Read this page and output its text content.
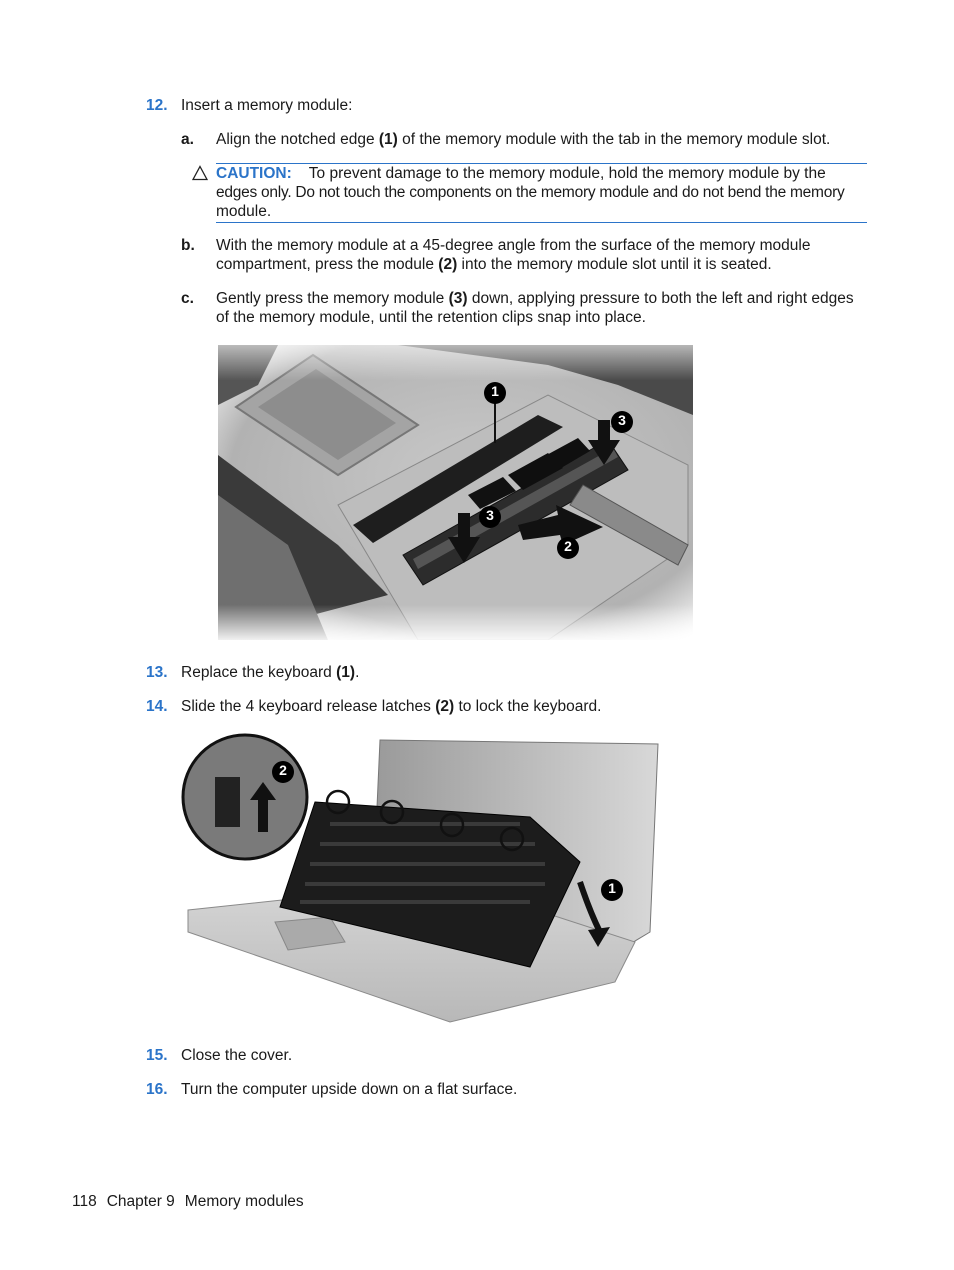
12. Insert a memory module:
a. Align the notched edge (1) of the memory module with the tab in the memory module slot.
CAUTION: To prevent damage to the memory module, hold the memory module by the
edges only. Do not touch the components on the memory module and do not bend the memory
module.
b. With the memory module at a 45-degree angle from the surface of the memory module
compartment, press the module (2) into the memory module slot until it is seated.
c. Gently press the memory module (3) down, applying pressure to both the left and right edges
of the memory module, until the retention clips snap into place.
1
3
3
2
13. Replace the keyboard (1).
14. Slide the 4 keyboard release latches (2) to lock the keyboard.
2
1
15. Close the cover.
16. Turn the computer upside down on a flat surface.
118 Chapter 9 Memory modules
